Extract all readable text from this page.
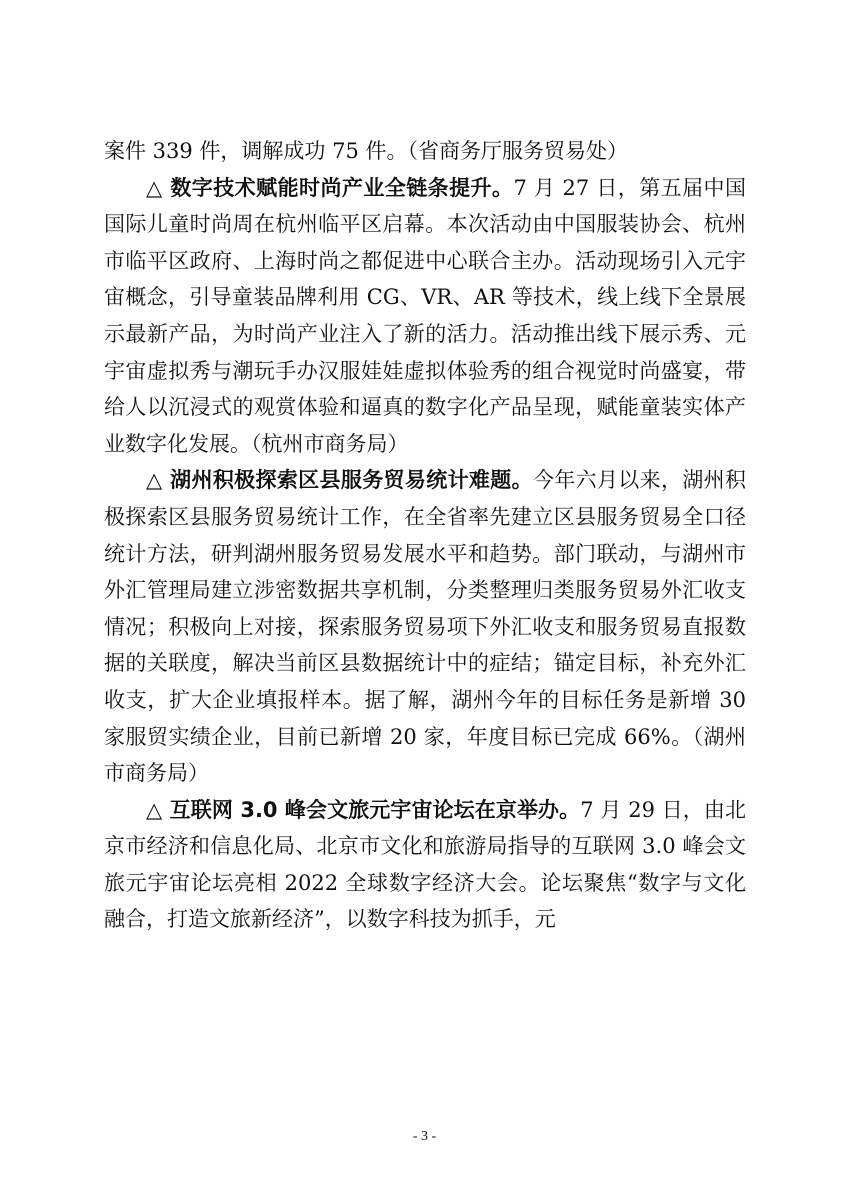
案件 339 件，调解成功 75 件。（省商务厅服务贸易处）

△ 数字技术赋能时尚产业全链条提升。7 月 27 日，第五届中国国际儿童时尚周在杭州临平区启幕。本次活动由中国服装协会、杭州市临平区政府、上海时尚之都促进中心联合主办。活动现场引入元宇宙概念，引导童装品牌利用 CG、VR、AR 等技术，线上线下全景展示最新产品，为时尚产业注入了新的活力。活动推出线下展示秀、元宇宙虚拟秀与潮玩手办汉服娃娃虚拟体验秀的组合视觉时尚盛宴，带给人以沉浸式的观赏体验和逼真的数字化产品呈现，赋能童装实体产业数字化发展。（杭州市商务局）

△ 湖州积极探索区县服务贸易统计难题。今年六月以来，湖州积极探索区县服务贸易统计工作，在全省率先建立区县服务贸易全口径统计方法，研判湖州服务贸易发展水平和趋势。部门联动，与湖州市外汇管理局建立涉密数据共享机制，分类整理归类服务贸易外汇收支情况；积极向上对接，探索服务贸易项下外汇收支和服务贸易直报数据的关联度，解决当前区县数据统计中的症结；锚定目标，补充外汇收支，扩大企业填报样本。据了解，湖州今年的目标任务是新增 30 家服贸实绩企业，目前已新增 20 家，年度目标已完成 66%。（湖州市商务局）

△ 互联网 3.0 峰会文旅元宇宙论坛在京举办。7 月 29 日，由北京市经济和信息化局、北京市文化和旅游局指导的互联网 3.0 峰会文旅元宇宙论坛亮相 2022 全球数字经济大会。论坛聚焦“数字与文化融合，打造文旅新经济”，以数字科技为抓手，元

- 3 -
